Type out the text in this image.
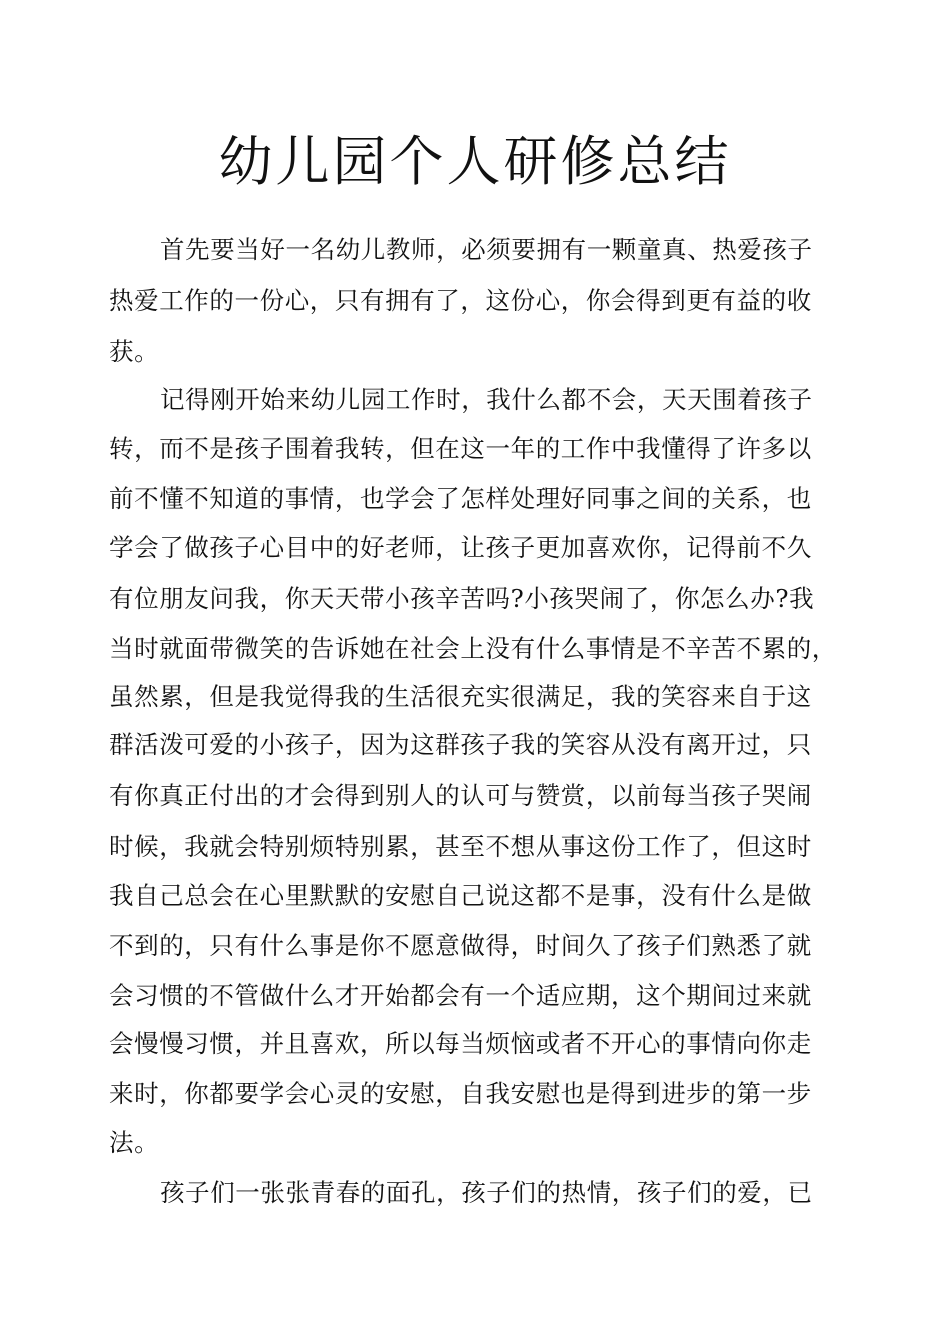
幼儿园个人研修总结
首先要当好一名幼儿教师，必须要拥有一颗童真、热爱孩子
热爱工作的一份心，只有拥有了，这份心，你会得到更有益的收
获。
记得刚开始来幼儿园工作时，我什么都不会，天天围着孩子
转，而不是孩子围着我转，但在这一年的工作中我懂得了许多以
前不懂不知道的事情，也学会了怎样处理好同事之间的关系，也
学会了做孩子心目中的好老师，让孩子更加喜欢你，记得前不久
有位朋友问我，你天天带小孩辛苦吗?小孩哭闹了，你怎么办?我
当时就面带微笑的告诉她在社会上没有什么事情是不辛苦不累的，
虽然累，但是我觉得我的生活很充实很满足，我的笑容来自于这
群活泼可爱的小孩子，因为这群孩子我的笑容从没有离开过，只
有你真正付出的才会得到别人的认可与赞赏，以前每当孩子哭闹
时候，我就会特别烦特别累，甚至不想从事这份工作了，但这时
我自己总会在心里默默的安慰自己说这都不是事，没有什么是做
不到的，只有什么事是你不愿意做得，时间久了孩子们熟悉了就
会习惯的不管做什么才开始都会有一个适应期，这个期间过来就
会慢慢习惯，并且喜欢，所以每当烦恼或者不开心的事情向你走
来时，你都要学会心灵的安慰，自我安慰也是得到进步的第一步
法。
孩子们一张张青春的面孔，孩子们的热情，孩子们的爱，已
